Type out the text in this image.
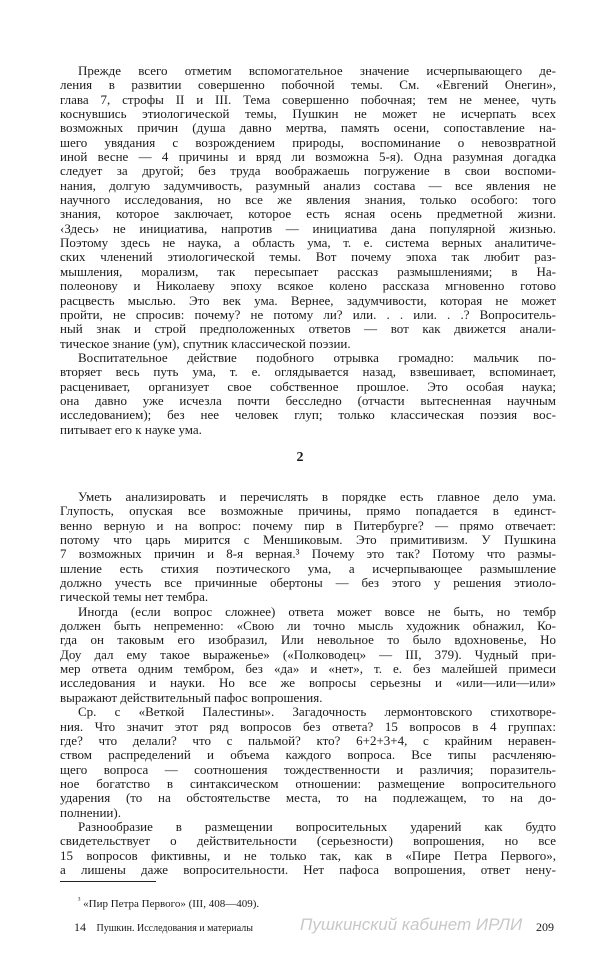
Прежде всего отметим вспомогательное значение исчерпывающего де-
ления в развитии совершенно побочной темы. См. «Евгений Онегин»,
глава 7, строфы II и III. Тема совершенно побочная; тем не менее, чуть
коснувшись этиологической темы, Пушкин не может не исчерпать всех
возможных причин (душа давно мертва, память осени, сопоставление на-
шего увядания с возрождением природы, воспоминание о невозвратной
иной весне — 4 причины и вряд ли возможна 5-я). Одна разумная догадка
следует за другой; без труда воображаешь погружение в свои воспоми-
нания, долгую задумчивость, разумный анализ состава — все явления не
научного исследования, но все же явления знания, только особого: того
знания, которое заключает, которое есть ясная осень предметной жизни.
‹Здесь› не инициатива, напротив — инициатива дана популярной жизнью.
Поэтому здесь не наука, а область ума, т. е. система верных аналитиче-
ских членений этиологической темы. Вот почему эпоха так любит раз-
мышления, морализм, так пересыпает рассказ размышлениями; в На-
полеонову и Николаеву эпоху всякое колено рассказа мгновенно готово
расцвесть мыслью. Это век ума. Вернее, задумчивости, которая не может
пройти, не спросив: почему? не потому ли? или. . . или. . .? Вопроситель-
ный знак и строй предположенных ответов — вот как движется анали-
тическое знание (ум), спутник классической поэзии.
Воспитательное действие подобного отрывка громадно: мальчик по-
вторяет весь путь ума, т. е. оглядывается назад, взвешивает, вспоминает,
расценивает, организует свое собственное прошлое. Это особая наука;
она давно уже исчезла почти бесследно (отчасти вытесненная научным
исследованием); без нее человек глуп; только классическая поэзия вос-
питывает его к науке ума.
2
Уметь анализировать и перечислять в порядке есть главное дело ума.
Глупость, опуская все возможные причины, прямо попадается в единст-
венно верную и на вопрос: почему пир в Питербурге? — прямо отвечает:
потому что царь мирится с Меншиковым. Это примитивизм. У Пушкина
7 возможных причин и 8-я верная.³ Почему это так? Потому что размы-
шление есть стихия поэтического ума, а исчерпывающее размышление
должно учесть все причинные обертоны — без этого у решения этиоло-
гической темы нет тембра.
Иногда (если вопрос сложнее) ответа может вовсе не быть, но тембр
должен быть непременно: «Свою ли точно мысль художник обнажил, Ко-
гда он таковым его изобразил, Или невольное то было вдохновенье, Но
Доу дал ему такое выраженье» («Полководец» — III, 379). Чудный при-
мер ответа одним тембром, без «да» и «нет», т. е. без малейшей примеси
исследования и науки. Но все же вопросы серьезны и «или—или—или»
выражают действительный пафос вопрошения.
Ср. с «Веткой Палестины». Загадочность лермонтовского стихотворе-
ния. Что значит этот ряд вопросов без ответа? 15 вопросов в 4 группах:
где? что делали? что с пальмой? кто? 6+2+3+4, с крайним неравен-
ством распределений и объема каждого вопроса. Все типы расчленяю-
щего вопроса — соотношения тождественности и различия; поразитель-
ное богатство в синтаксическом отношении: размещение вопросительного
ударения (то на обстоятельстве места, то на подлежащем, то на до-
полнении).
Разнообразие в размещении вопросительных ударений как будто
свидетельствует о действительности (серьезности) вопрошения, но все
15 вопросов фиктивны, и не только так, как в «Пире Петра Первого»,
а лишены даже вопросительности. Нет пафоса вопрошения, ответ нену-
$^{^3}$ «Пир Петра Первого» (III, 408—409).
14 Пушкин. Исследования и материалы	209
Пушкинский кабинет ИРЛИ
